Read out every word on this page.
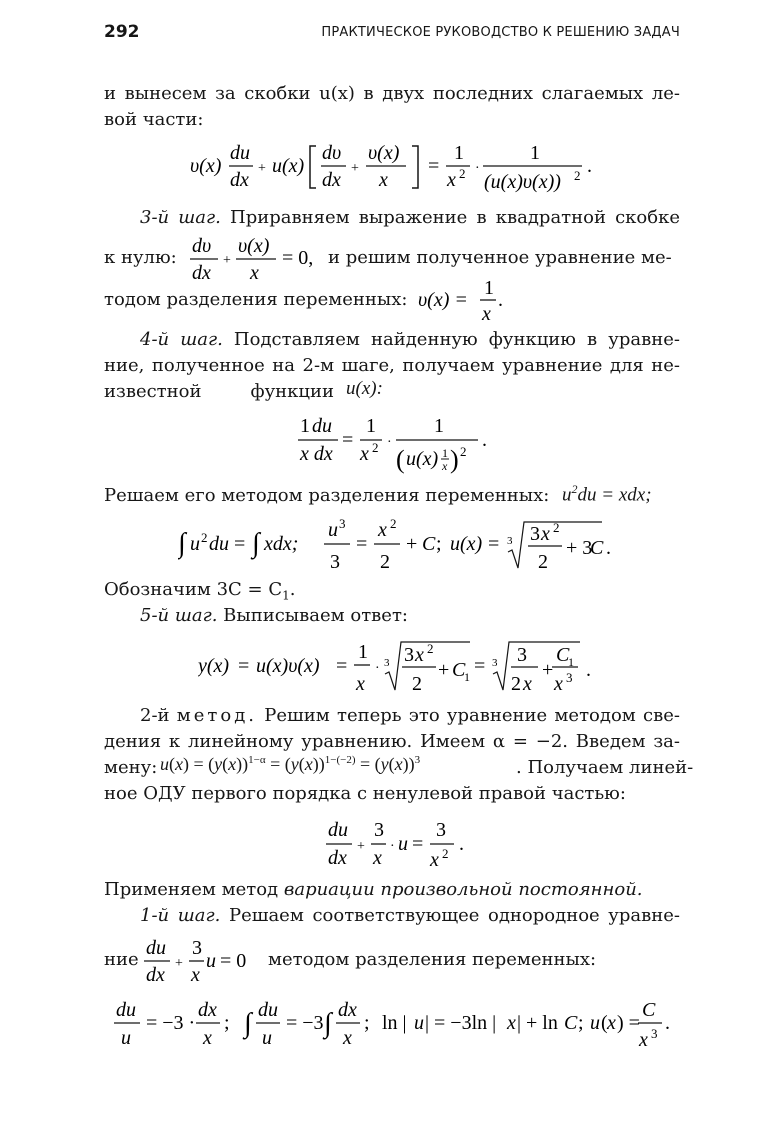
292	ПРАКТИЧЕСКОЕ РУКОВОДСТВО К РЕШЕНИЮ ЗАДАЧ
и вынесем за скобки u(x) в двух последних слагаемых ле-
вой части:
υ(x)
du
dx
+ u(x)
dυ
dx
+
υ(x)
x
=
1
x 2 ·
1
(u(x)υ(x)) 2 .
3-й шаг. Приравняем выражение в квадратной скобке
к нулю:
dυ
dx
+
υ(x)
x
= 0, и решим полученное уравнение ме-
тодом разделения переменных: υ(x) =
1
x
.
4-й шаг. Подставляем найденную функцию в уравне-
ние, полученное на 2-м шаге, получаем уравнение для не-
известной функции u(x):
1 du
x dx
=
1
x 2 ·
1
( u(x) 1
x ) 2
.
Решаем его методом разделения переменных: $u^2du$ = xdx;
∫ u 2 du = ∫ xdx;
u 3
3
=
x 2
2
+ C ; u(x) = 3 3 x 2
2
+ 3
C .
Обозначим $3C = C_1$.
5-й шаг. Выписываем ответ:
y(x) = u(x)υ(x) =
1
x
· 3 3 x 2
2
+ C
1 = 3 3
2 x
+
C
1
x 3 .
2-й метод. Решим теперь это уравнение методом све-
дения к линейному уравнению. Имеем α = −2. Введем за-
мену: $u(x) = (y(x))^{1-\alpha} = (y(x))^{1-(-2)} = (y(x))^3$	. Получаем линей-
ное ОДУ первого порядка с ненулевой правой частью:
du
dx
+
3
x
· u =
3
x 2 .
Применяем метод вариации произвольной постоянной.
1-й шаг. Решаем соответствующее однородное уравне-
ние
du
dx
+
3
x
u = 0 методом разделения переменных:
du
u
= −3 ·
dx
x
; ∫ du
u
= −3 ∫ dx
x
; ln | u | = −3ln | x | + ln C ; u ( x ) =
C
x 3 .
